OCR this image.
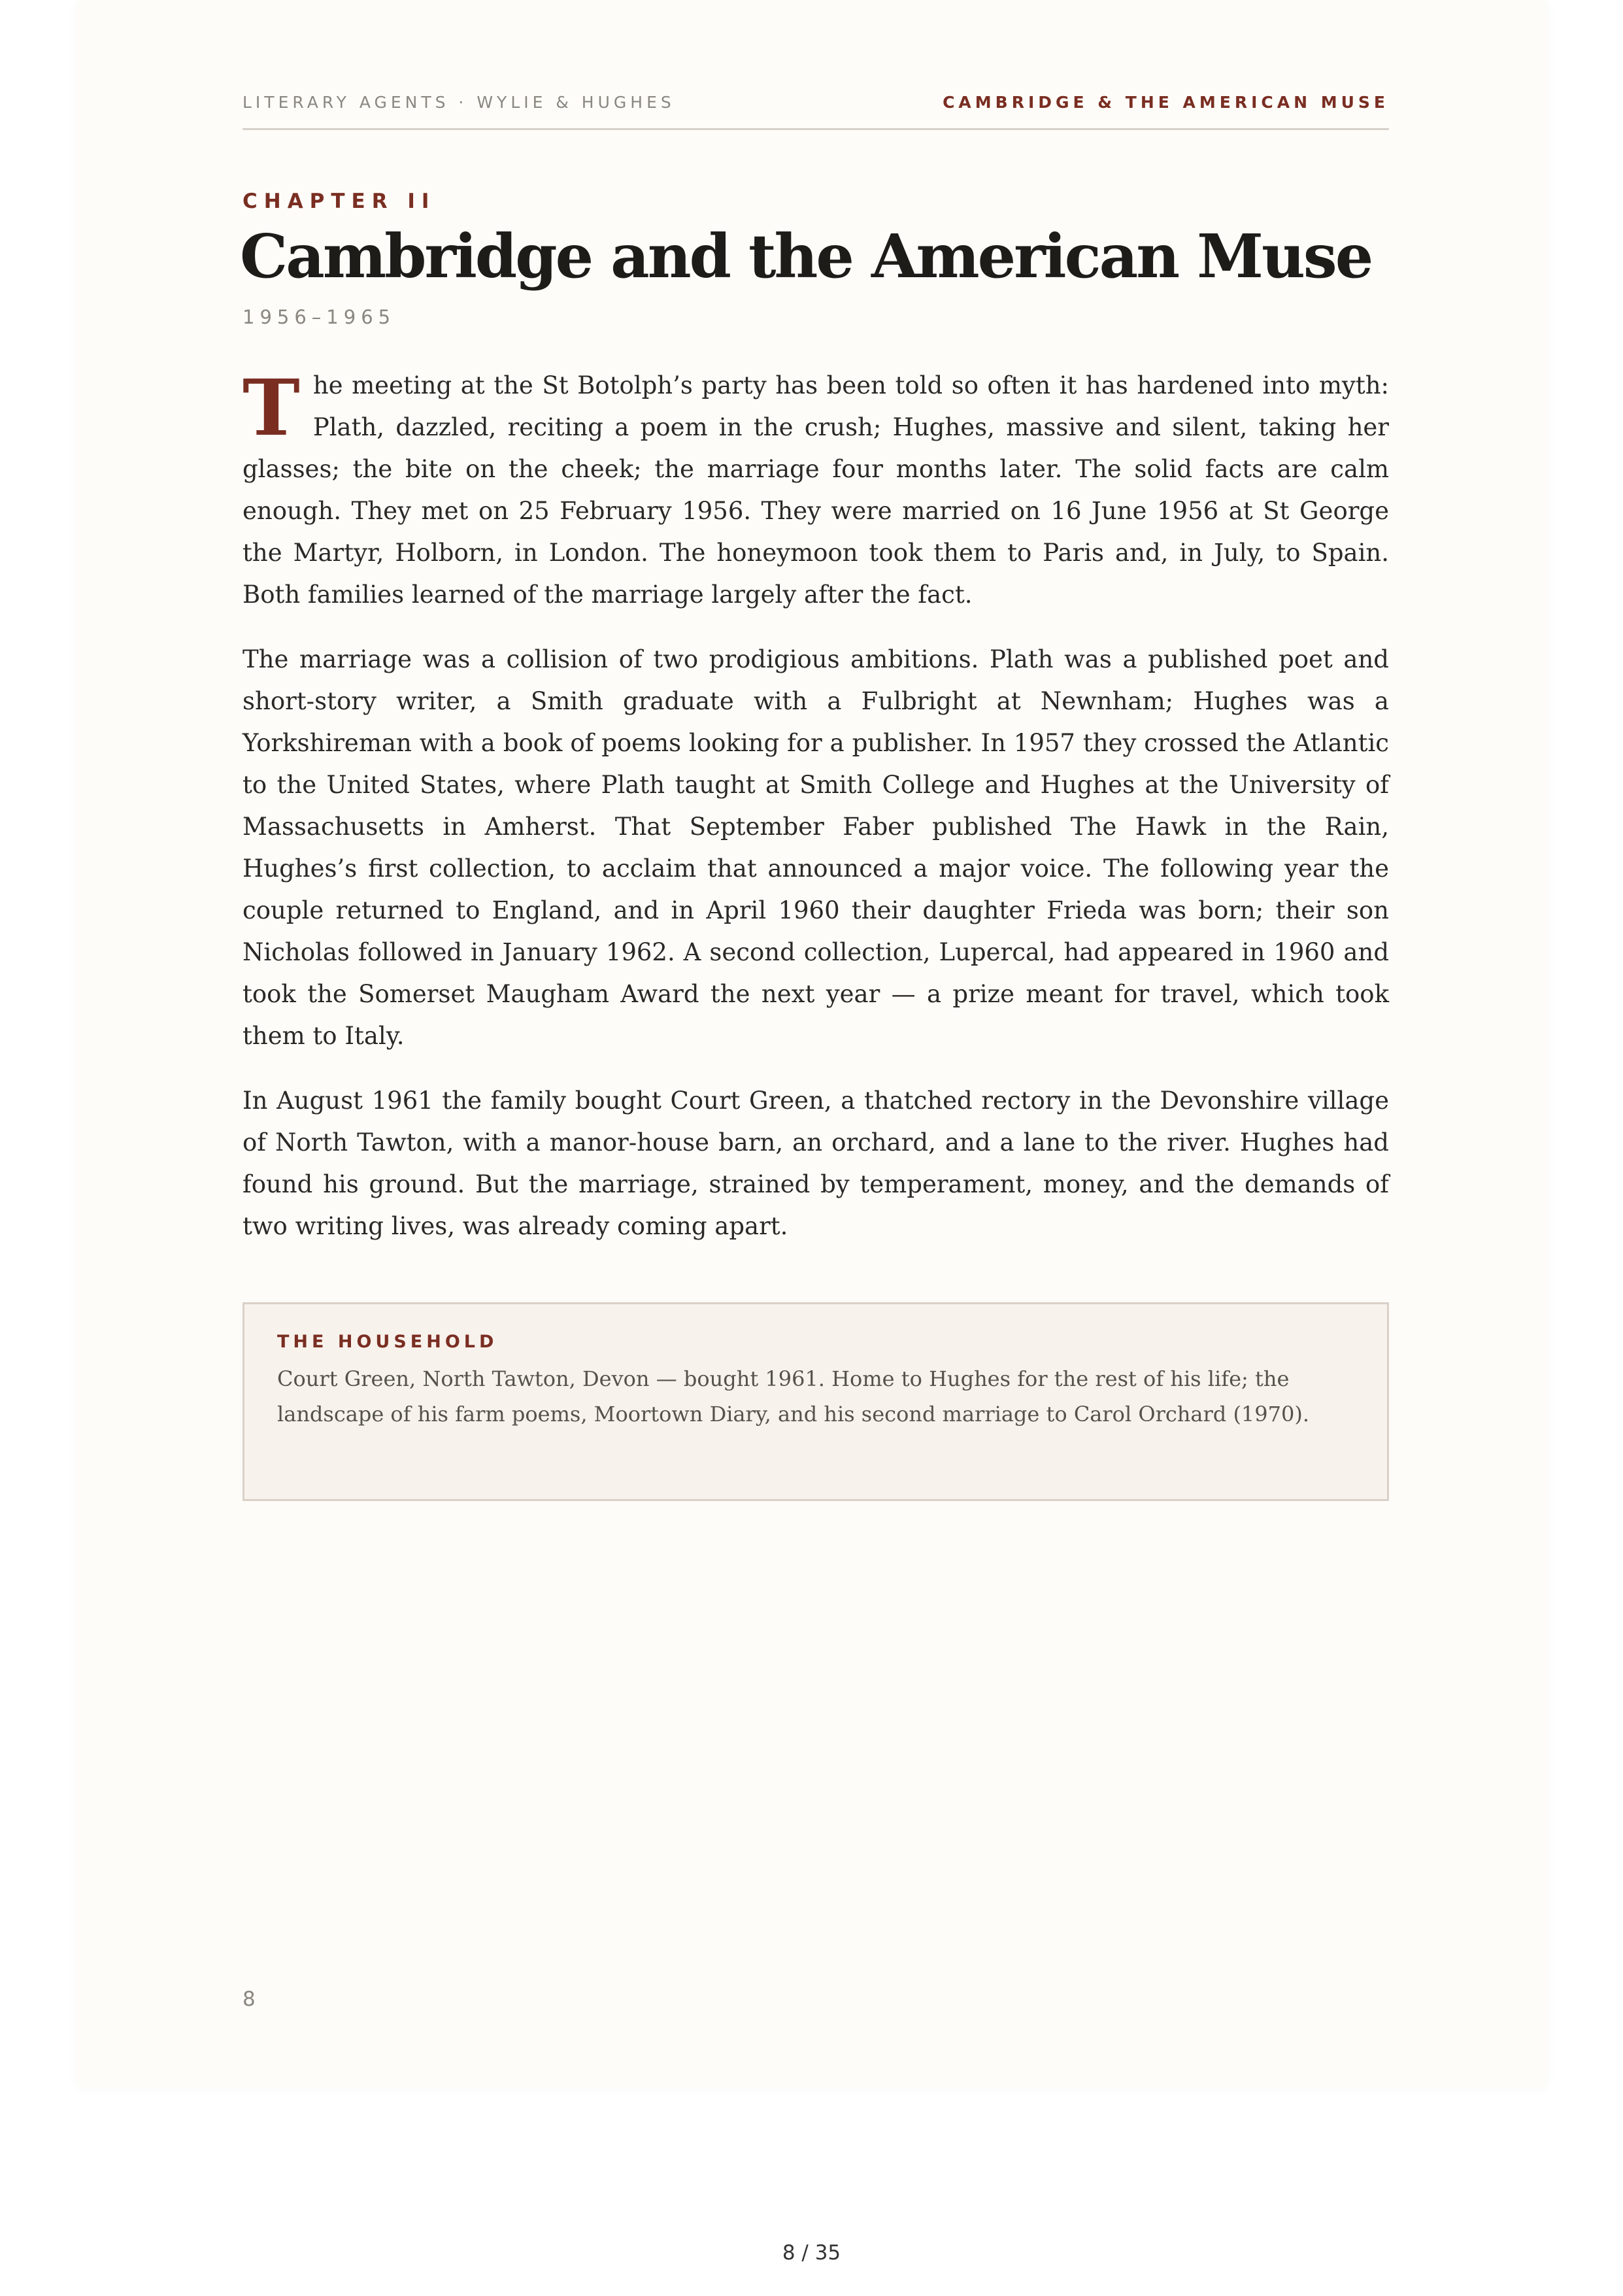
LITERARY AGENTS · WYLIE & HUGHES	CAMBRIDGE & THE AMERICAN MUSE
CHAPTER II
Cambridge and the American Muse
1956–1965

The meeting at the St Botolph’s party has been told so often it has hardened into myth: Plath, dazzled, reciting a poem in the crush; Hughes, massive and silent, taking her glasses; the bite on the cheek; the marriage four months later. The solid facts are calm enough. They met on 25 February 1956. They were married on 16 June 1956 at St George the Martyr, Holborn, in London. The honeymoon took them to Paris and, in July, to Spain. Both families learned of the marriage largely after the fact.

The marriage was a collision of two prodigious ambitions. Plath was a published poet and short-story writer, a Smith graduate with a Fulbright at Newnham; Hughes was a Yorkshireman with a book of poems looking for a publisher. In 1957 they crossed the Atlantic to the United States, where Plath taught at Smith College and Hughes at the University of Massachusetts in Amherst. That September Faber published The Hawk in the Rain, Hughes’s first collection, to acclaim that announced a major voice. The following year the couple returned to England, and in April 1960 their daughter Frieda was born; their son Nicholas followed in January 1962. A second collection, Lupercal, had appeared in 1960 and took the Somerset Maugham Award the next year — a prize meant for travel, which took them to Italy.

In August 1961 the family bought Court Green, a thatched rectory in the Devonshire village of North Tawton, with a manor-house barn, an orchard, and a lane to the river. Hughes had found his ground. But the marriage, strained by temperament, money, and the demands of two writing lives, was already coming apart.

THE HOUSEHOLD
Court Green, North Tawton, Devon — bought 1961. Home to Hughes for the rest of his life; the landscape of his farm poems, Moortown Diary, and his second marriage to Carol Orchard (1970).
8
8 / 35
